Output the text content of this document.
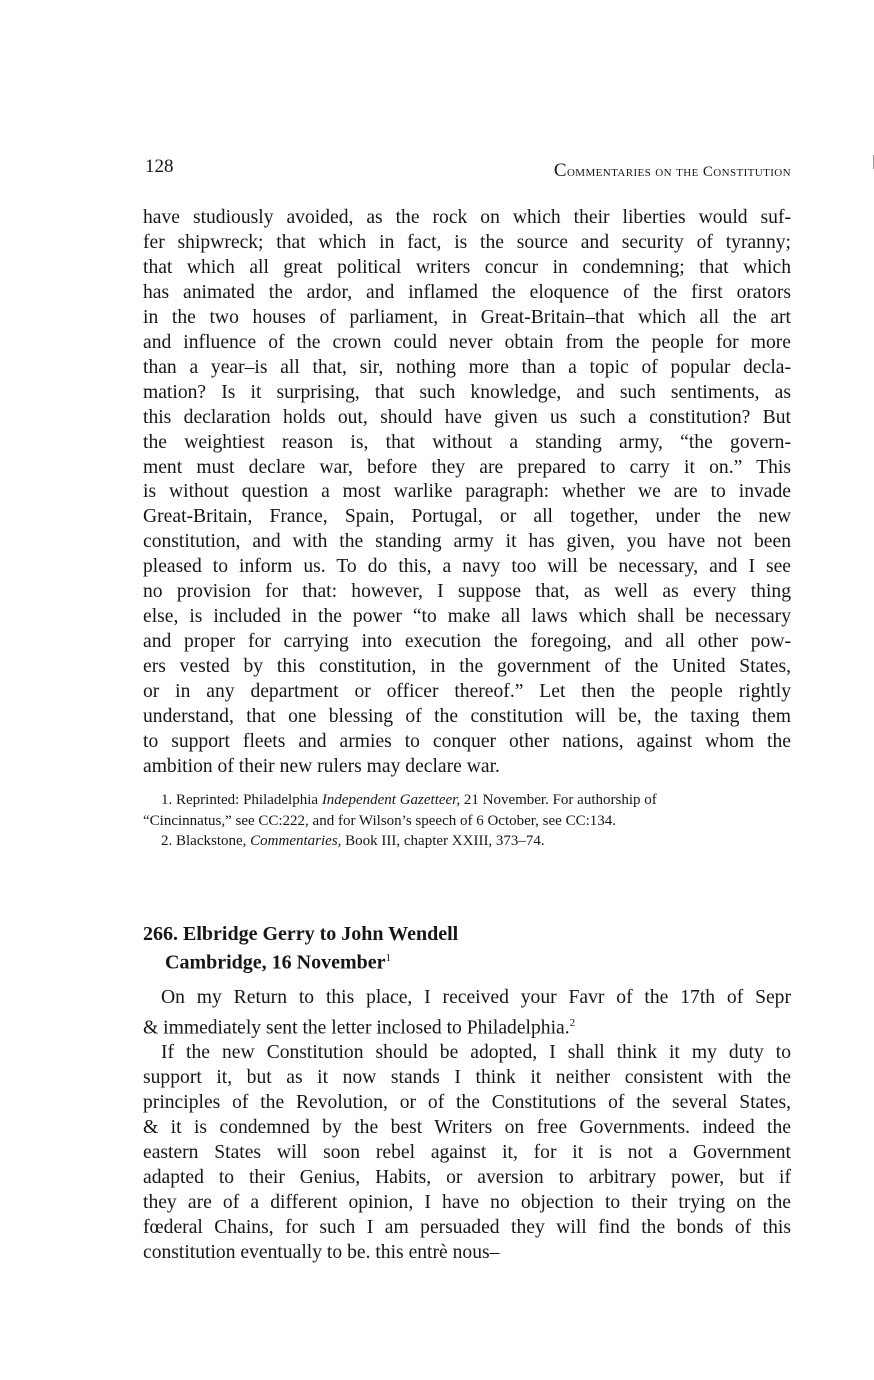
128	Commentaries on the Constitution
have studiously avoided, as the rock on which their liberties would suf-
fer shipwreck; that which in fact, is the source and security of tyranny;
that which all great political writers concur in condemning; that which
has animated the ardor, and inflamed the eloquence of the first orators
in the two houses of parliament, in Great-Britain–that which all the art
and influence of the crown could never obtain from the people for more
than a year–is all that, sir, nothing more than a topic of popular decla-
mation? Is it surprising, that such knowledge, and such sentiments, as
this declaration holds out, should have given us such a constitution? But
the weightiest reason is, that without a standing army, “the govern-
ment must declare war, before they are prepared to carry it on.” This
is without question a most warlike paragraph: whether we are to invade
Great-Britain, France, Spain, Portugal, or all together, under the new
constitution, and with the standing army it has given, you have not been
pleased to inform us. To do this, a navy too will be necessary, and I see
no provision for that: however, I suppose that, as well as every thing
else, is included in the power “to make all laws which shall be necessary
and proper for carrying into execution the foregoing, and all other pow-
ers vested by this constitution, in the government of the United States,
or in any department or officer thereof.” Let then the people rightly
understand, that one blessing of the constitution will be, the taxing them
to support fleets and armies to conquer other nations, against whom the
ambition of their new rulers may declare war.
1. Reprinted: Philadelphia Independent Gazetteer, 21 November. For authorship of
“Cincinnatus,” see CC:222, and for Wilson’s speech of 6 October, see CC:134.
2. Blackstone, Commentaries, Book III, chapter XXIII, 373–74.
266. Elbridge Gerry to John Wendell
Cambridge, 16 November$^1$
On my Return to this place, I received your Favr of the 17th of Sepr
& immediately sent the letter inclosed to Philadelphia.$^2$
If the new Constitution should be adopted, I shall think it my duty to
support it, but as it now stands I think it neither consistent with the
principles of the Revolution, or of the Constitutions of the several States,
& it is condemned by the best Writers on free Governments. indeed the
eastern States will soon rebel against it, for it is not a Government
adapted to their Genius, Habits, or aversion to arbitrary power, but if
they are of a different opinion, I have no objection to their trying on the
fœderal Chains, for such I am persuaded they will find the bonds of this
constitution eventually to be. this entrè nous–
